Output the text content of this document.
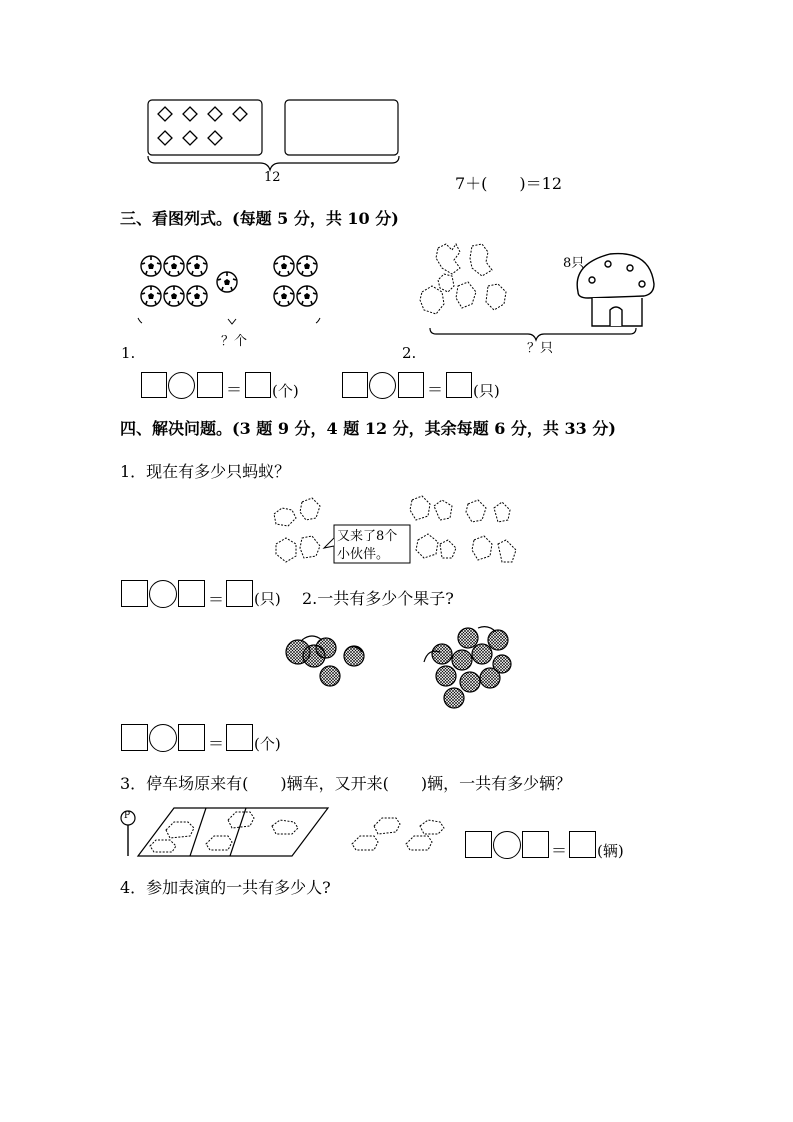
12	7＋(　　)＝12
三、看图列式。(每题 5 分，共 10 分)
？个
1.
8只
？只
2.
＝ (个)	＝ (只)
四、解决问题。(3 题 9 分，4 题 12 分，其余每题 6 分，共 33 分)
1．现在有多少只蚂蚁？
又来了8个
小伙伴。
＝ (只) 2.一共有多少个果子?
＝ (个)
3．停车场原来有(　　)辆车，又开来(　　)辆，一共有多少辆？
P
＝ (辆)
4．参加表演的一共有多少人?
